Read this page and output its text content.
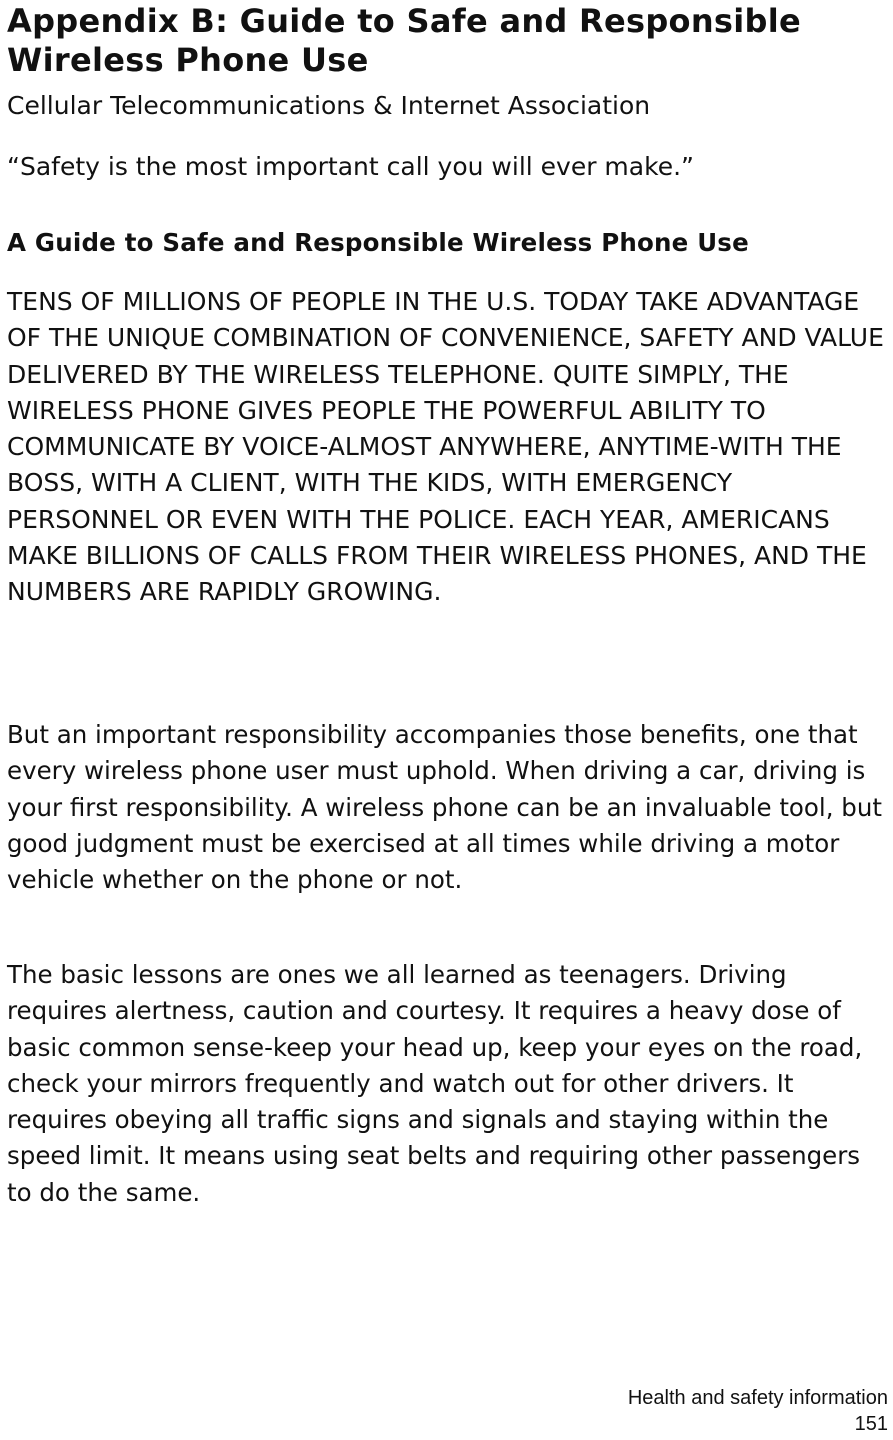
Appendix B: Guide to Safe and Responsible Wireless Phone Use

Cellular Telecommunications & Internet Association

“Safety is the most important call you will ever make.”

A Guide to Safe and Responsible Wireless Phone Use

TENS OF MILLIONS OF PEOPLE IN THE U.S. TODAY TAKE ADVANTAGE OF THE UNIQUE COMBINATION OF CONVENIENCE, SAFETY AND VALUE DELIVERED BY THE WIRELESS TELEPHONE. QUITE SIMPLY, THE WIRELESS PHONE GIVES PEOPLE THE POWERFUL ABILITY TO COMMUNICATE BY VOICE-ALMOST ANYWHERE, ANYTIME-WITH THE BOSS, WITH A CLIENT, WITH THE KIDS, WITH EMERGENCY PERSONNEL OR EVEN WITH THE POLICE. EACH YEAR, AMERICANS MAKE BILLIONS OF CALLS FROM THEIR WIRELESS PHONES, AND THE NUMBERS ARE RAPIDLY GROWING.

But an important responsibility accompanies those benefits, one that every wireless phone user must uphold. When driving a car, driving is your first responsibility. A wireless phone can be an invaluable tool, but good judgment must be exercised at all times while driving a motor vehicle whether on the phone or not.

The basic lessons are ones we all learned as teenagers. Driving requires alertness, caution and courtesy. It requires a heavy dose of basic common sense-keep your head up, keep your eyes on the road, check your mirrors frequently and watch out for other drivers. It requires obeying all traffic signs and signals and staying within the speed limit. It means using seat belts and requiring other passengers to do the same.

Health and safety information
151
